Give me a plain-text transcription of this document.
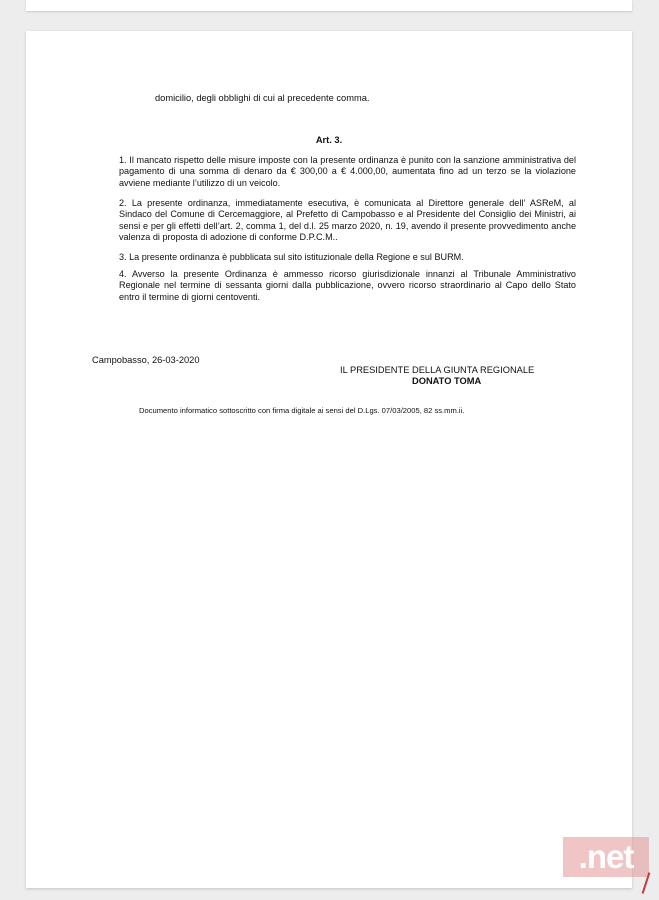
domicilio, degli obblighi di cui al precedente comma.
Art. 3.
1. Il mancato rispetto delle misure imposte con la presente ordinanza è punito con la sanzione amministrativa del pagamento di una somma di denaro da € 300,00 a € 4.000,00, aumentata fino ad un terzo se la violazione avviene mediante l’utilizzo di un veicolo.
2. La presente ordinanza, immediatamente esecutiva, è comunicata al Direttore generale dell’ ASReM, al Sindaco del Comune di Cercemaggiore, al Prefetto di Campobasso e al Presidente del Consiglio dei Ministri, ai sensi e per gli effetti dell’art. 2, comma 1, del d.l. 25 marzo 2020, n. 19, avendo il presente provvedimento anche valenza di proposta di adozione di conforme D.P.C.M..
3. La presente ordinanza è pubblicata sul sito istituzionale della Regione e sul BURM.
4. Avverso la presente Ordinanza è ammesso ricorso giurisdizionale innanzi al Tribunale Amministrativo Regionale nel termine di sessanta giorni dalla pubblicazione, ovvero ricorso straordinario al Capo dello Stato entro il termine di giorni centoventi.
Campobasso, 26-03-2020
IL PRESIDENTE DELLA GIUNTA REGIONALE
DONATO TOMA
Documento informatico sottoscritto con firma digitale ai sensi del D.Lgs. 07/03/2005, 82 ss.mm.ii.
.net
